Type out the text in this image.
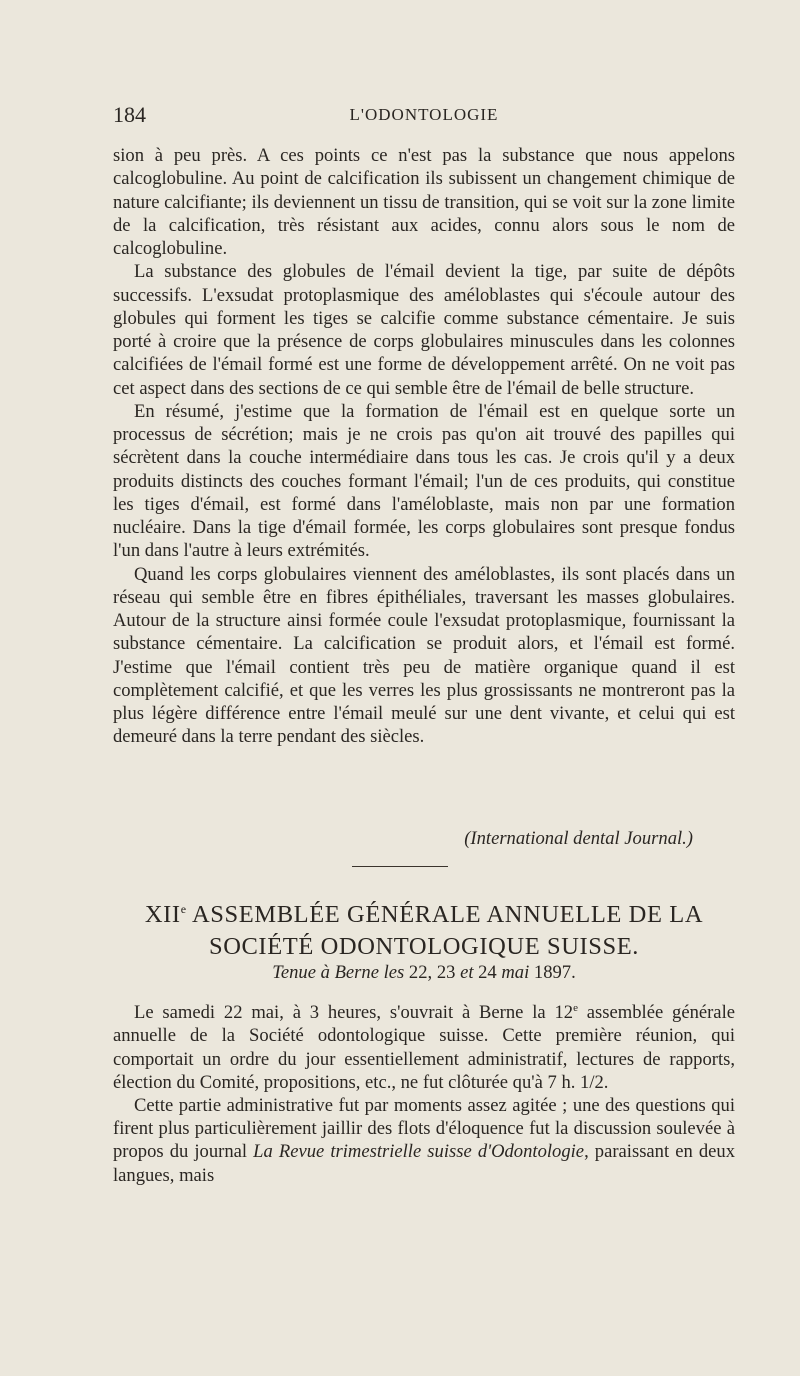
184	L'ODONTOLOGIE

sion à peu près. A ces points ce n'est pas la substance que nous appelons calcoglobuline. Au point de calcification ils subissent un changement chimique de nature calcifiante; ils deviennent un tissu de transition, qui se voit sur la zone limite de la calcification, très résistant aux acides, connu alors sous le nom de calcoglobuline.

La substance des globules de l'émail devient la tige, par suite de dépôts successifs. L'exsudat protoplasmique des améloblastes qui s'écoule autour des globules qui forment les tiges se calcifie comme substance cémentaire. Je suis porté à croire que la présence de corps globulaires minuscules dans les colonnes calcifiées de l'émail formé est une forme de développement arrêté. On ne voit pas cet aspect dans des sections de ce qui semble être de l'émail de belle structure.

En résumé, j'estime que la formation de l'émail est en quelque sorte un processus de sécrétion; mais je ne crois pas qu'on ait trouvé des papilles qui sécrètent dans la couche intermédiaire dans tous les cas. Je crois qu'il y a deux produits distincts des couches formant l'émail; l'un de ces produits, qui constitue les tiges d'émail, est formé dans l'améloblaste, mais non par une formation nucléaire. Dans la tige d'émail formée, les corps globulaires sont presque fondus l'un dans l'autre à leurs extrémités.

Quand les corps globulaires viennent des améloblastes, ils sont placés dans un réseau qui semble être en fibres épithéliales, traversant les masses globulaires. Autour de la structure ainsi formée coule l'exsudat protoplasmique, fournissant la substance cémentaire. La calcification se produit alors, et l'émail est formé. J'estime que l'émail contient très peu de matière organique quand il est complètement calcifié, et que les verres les plus grossissants ne montreront pas la plus légère différence entre l'émail meulé sur une dent vivante, et celui qui est demeuré dans la terre pendant des siècles.

(International dental Journal.)
XIIe ASSEMBLÉE GÉNÉRALE ANNUELLE DE LA
SOCIÉTÉ ODONTOLOGIQUE SUISSE.
Tenue à Berne les 22, 23 et 24 mai 1897.

Le samedi 22 mai, à 3 heures, s'ouvrait à Berne la 12e assemblée générale annuelle de la Société odontologique suisse. Cette première réunion, qui comportait un ordre du jour essentiellement administratif, lectures de rapports, élection du Comité, propositions, etc., ne fut clôturée qu'à 7 h. 1/2.

Cette partie administrative fut par moments assez agitée ; une des questions qui firent plus particulièrement jaillir des flots d'éloquence fut la discussion soulevée à propos du journal La Revue trimestrielle suisse d'Odontologie, paraissant en deux langues, mais
